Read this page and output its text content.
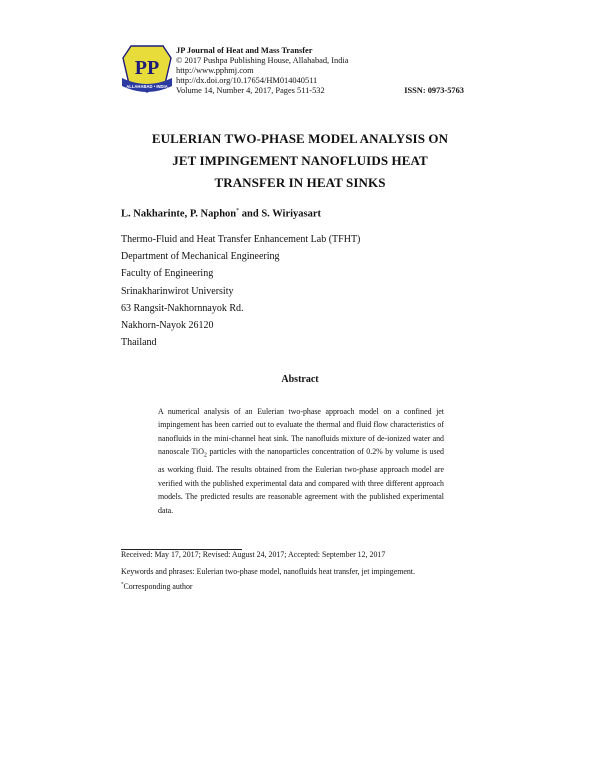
PP
ALLAHABAD • INDIA
JP Journal of Heat and Mass Transfer
© 2017 Pushpa Publishing House, Allahabad, India
http://www.pphmj.com
http://dx.doi.org/10.17654/HM014040511
Volume 14, Number 4, 2017, Pages 511-532	ISSN: 0973-5763
EULERIAN TWO-PHASE MODEL ANALYSIS ON
JET IMPINGEMENT NANOFLUIDS HEAT
TRANSFER IN HEAT SINKS
L. Nakharinte, P. Naphon* and S. Wiriyasart
Thermo-Fluid and Heat Transfer Enhancement Lab (TFHT)
Department of Mechanical Engineering
Faculty of Engineering
Srinakharinwirot University
63 Rangsit-Nakhornnayok Rd.
Nakhorn-Nayok 26120
Thailand
Abstract
A numerical analysis of an Eulerian two-phase approach model on a confined jet impingement has been carried out to evaluate the thermal and fluid flow characteristics of nanofluids in the mini-channel heat sink. The nanofluids mixture of de-ionized water and nanoscale TiO$_2$ particles with the nanoparticles concentration of 0.2% by volume is used as working fluid. The results obtained from the Eulerian two-phase approach model are verified with the published experimental data and compared with three different approach models. The predicted results are reasonable agreement with the published experimental data.
Received: May 17, 2017; Revised: August 24, 2017; Accepted: September 12, 2017
Keywords and phrases: Eulerian two-phase model, nanofluids heat transfer, jet impingement.
*Corresponding author
